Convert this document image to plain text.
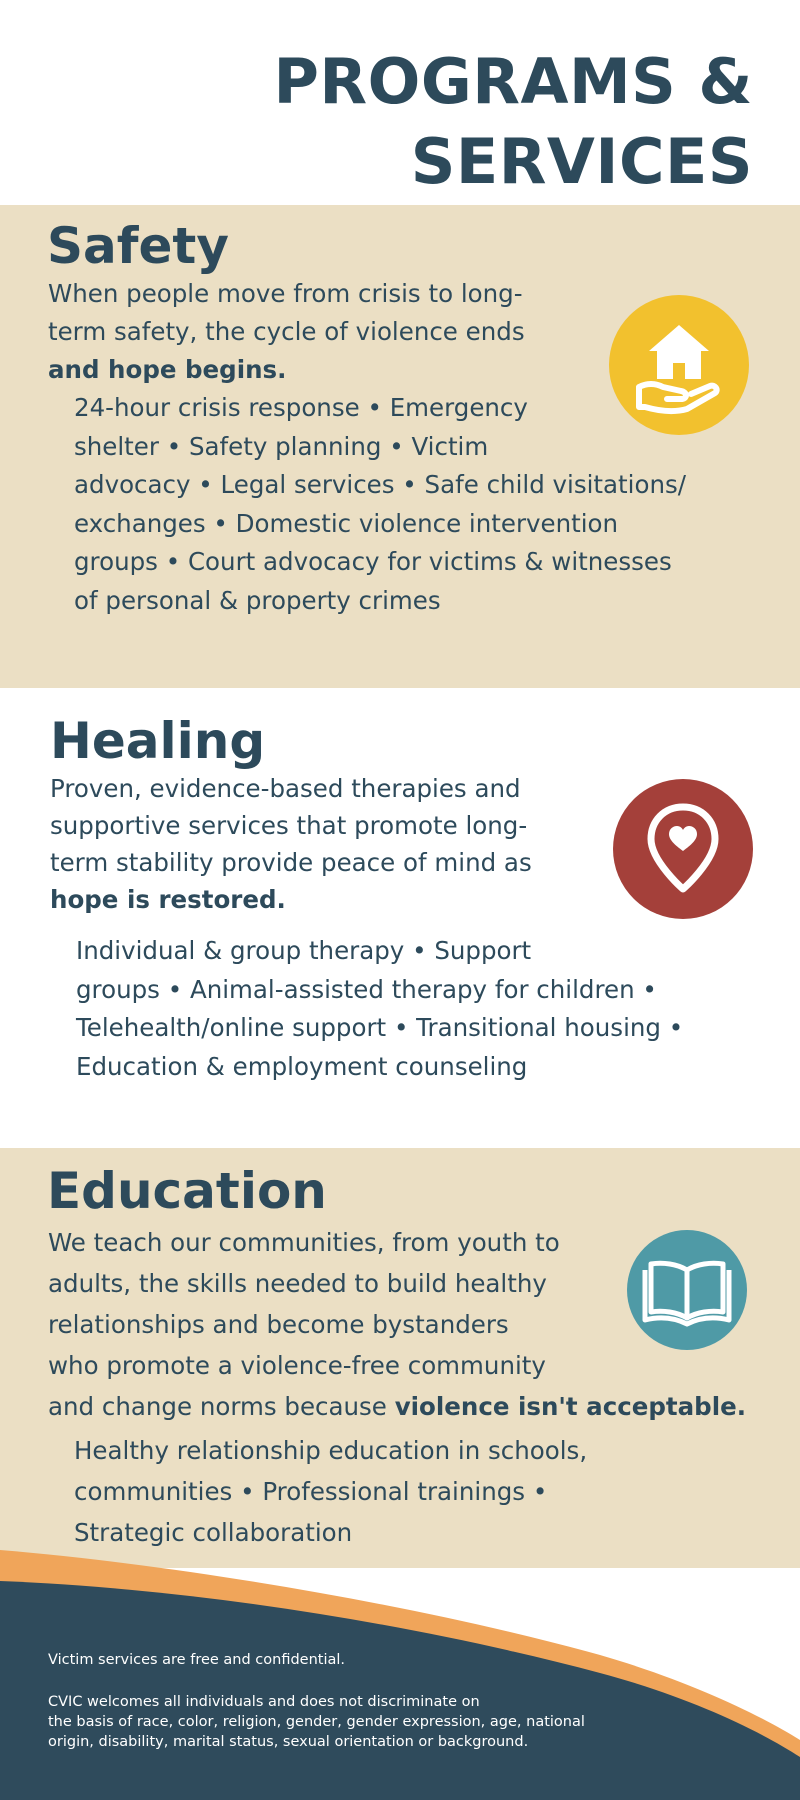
PROGRAMS &
SERVICES
Safety
When people move from crisis to long-
term safety, the cycle of violence ends
and hope begins.
24-hour crisis response • Emergency
shelter • Safety planning • Victim
advocacy • Legal services • Safe child visitations/
exchanges • Domestic violence intervention
groups • Court advocacy for victims & witnesses
of personal & property crimes
Healing
Proven, evidence-based therapies and
supportive services that promote long-
term stability provide peace of mind as
hope is restored.
Individual & group therapy • Support
groups • Animal-assisted therapy for children •
Telehealth/online support • Transitional housing •
Education & employment counseling
Education
We teach our communities, from youth to
adults, the skills needed to build healthy
relationships and become bystanders
who promote a violence-free community
and change norms because violence isn't acceptable.
Healthy relationship education in schools,
communities • Professional trainings •
Strategic collaboration
Victim services are free and confidential.
CVIC welcomes all individuals and does not discriminate on
the basis of race, color, religion, gender, gender expression, age, national
origin, disability, marital status, sexual orientation or background.
